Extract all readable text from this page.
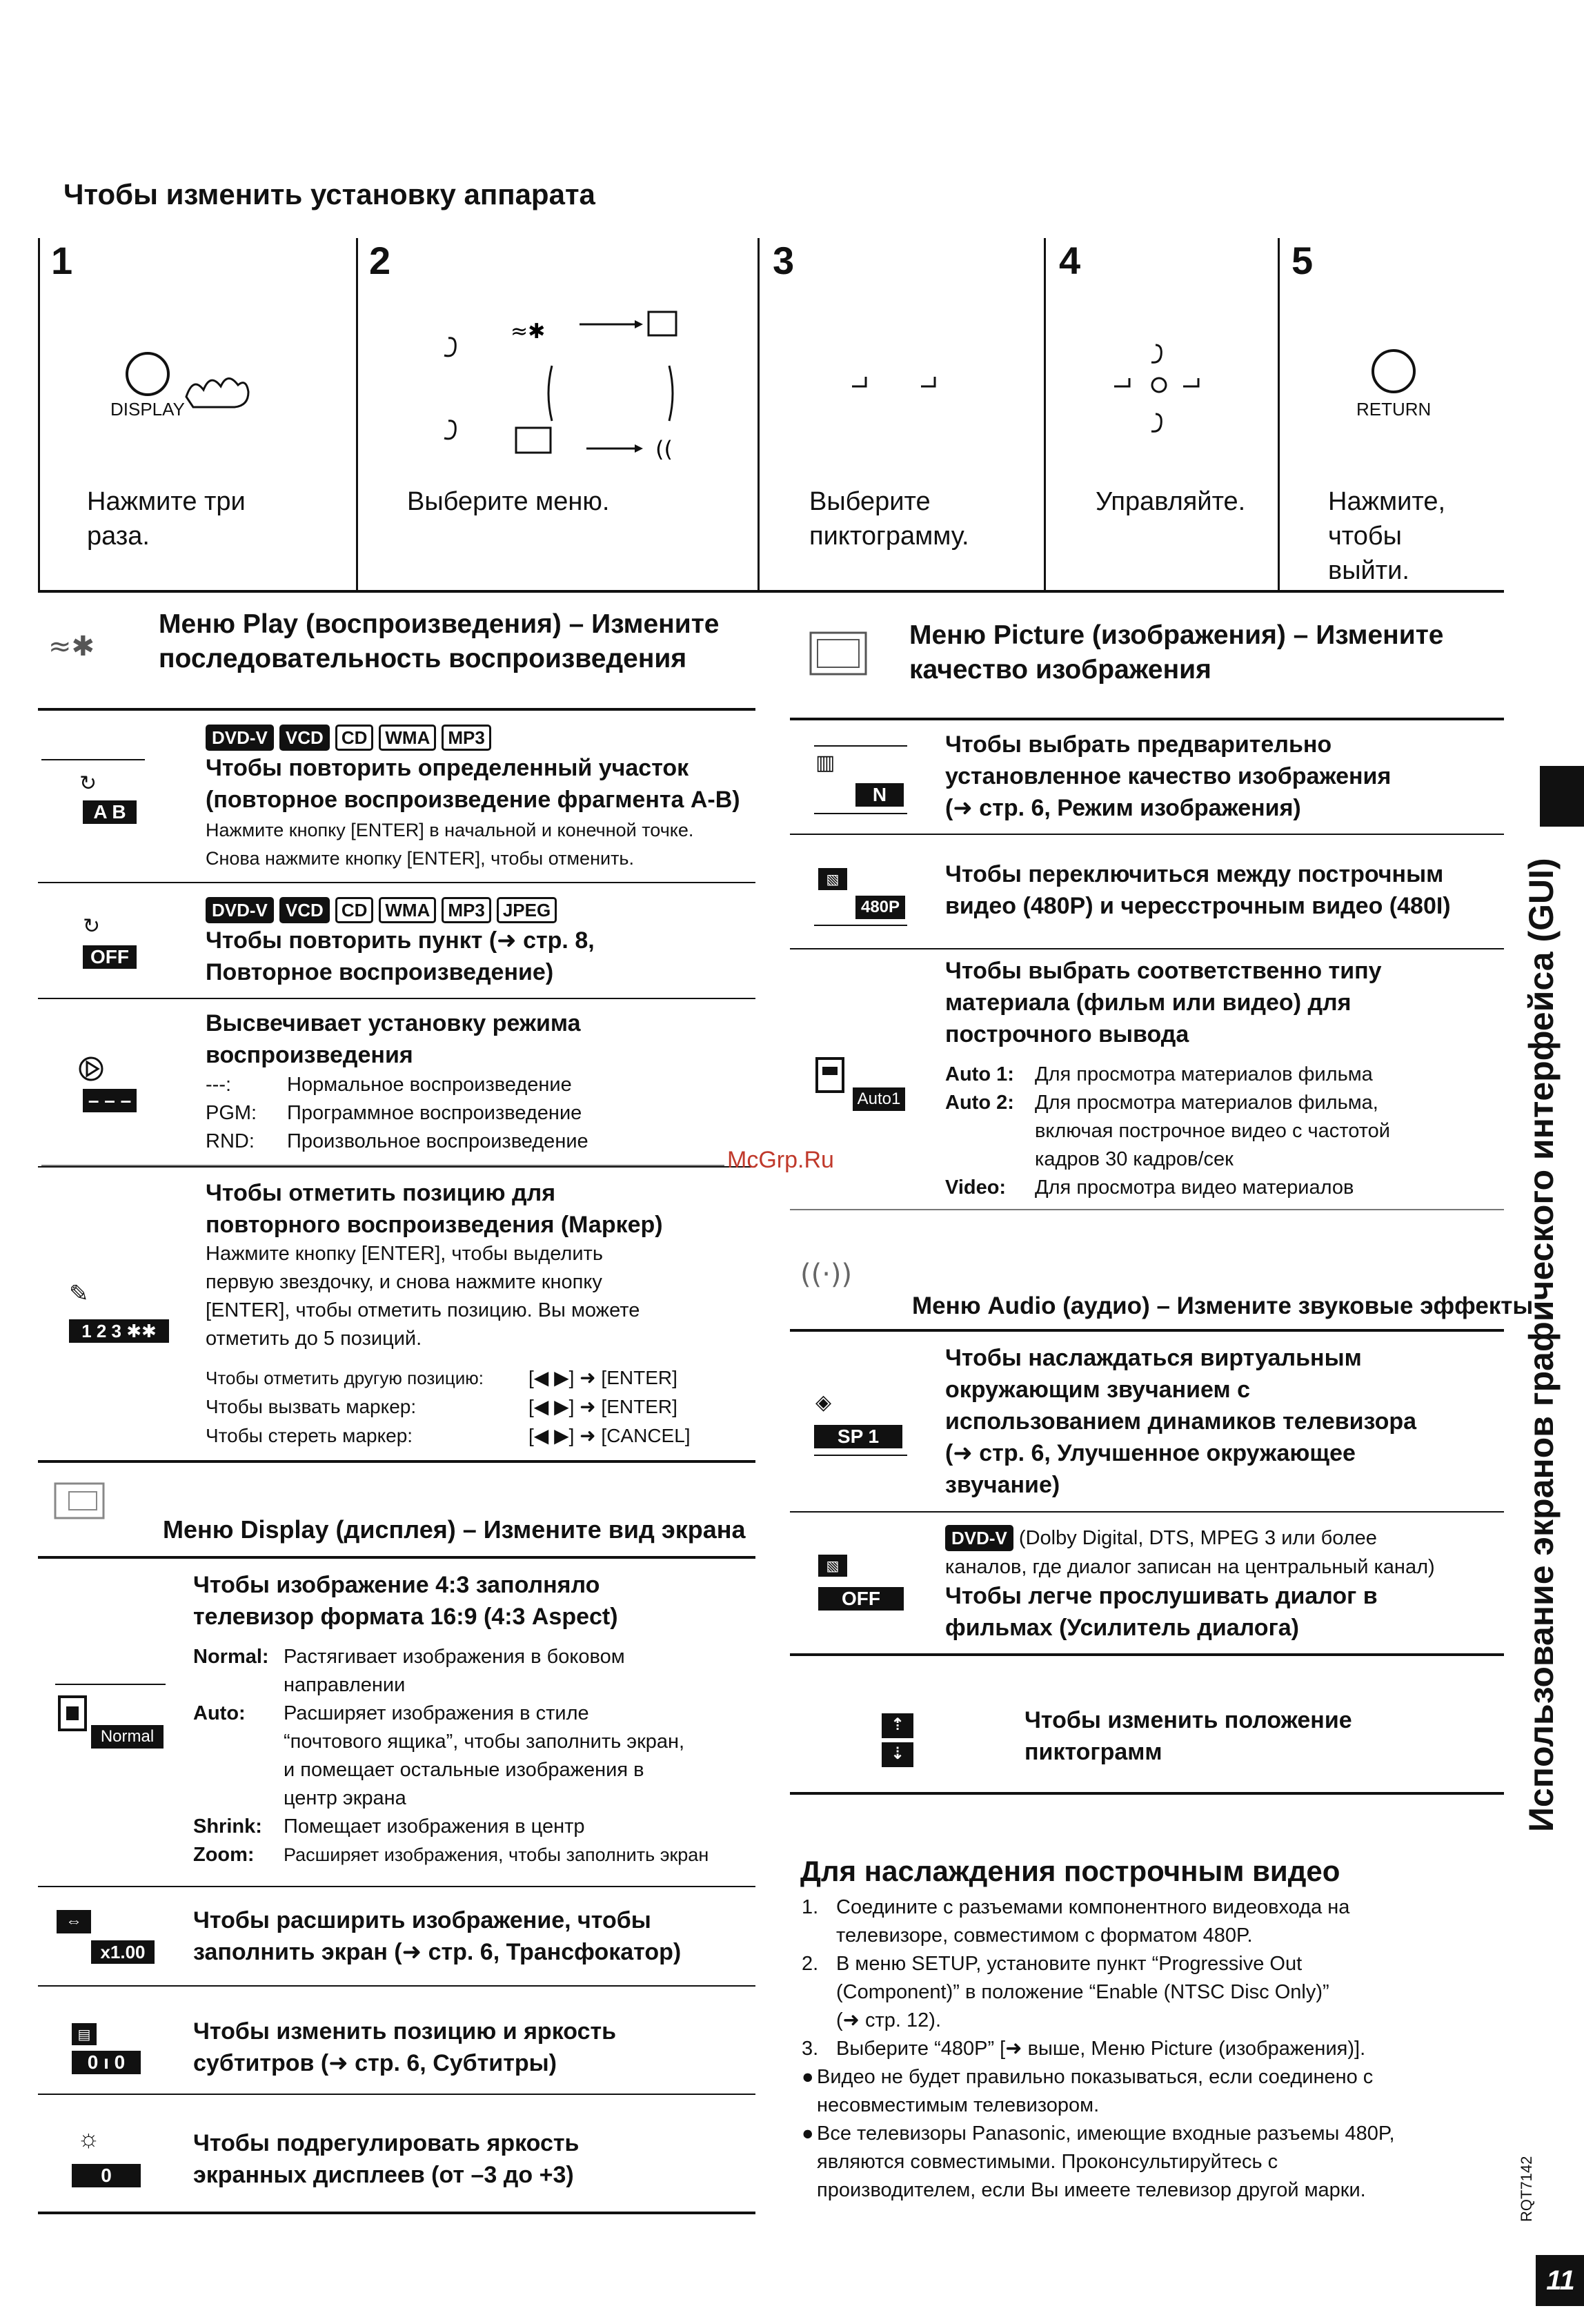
Чтобы изменить установку аппарата
1
DISPLAY
Нажмите три раза.
2
≈✱
((
Выберите меню.
3
Выберите пиктограмму.
4
Управляйте.
5
RETURN
Нажмите, чтобы выйти.
≈✱
Меню Play (воспроизведения) – Измените
последовательность воспроизведения
↻
A B
DVD-V VCD CD WMA MP3
Чтобы повторить определенный участок
(повторное воспроизведение фрагмента A-B)
Нажмите кнопку [ENTER] в начальной и конечной точке.
Снова нажмите кнопку [ENTER], чтобы отменить.
↻
OFF
DVD-V VCD CD WMA MP3 JPEG
Чтобы повторить пункт (➜ стр. 8,
Повторное воспроизведение)
– – –
Высвечивает установку режима
воспроизведения
---:	Нормальное воспроизведение
PGM:	Программное воспроизведение
RND:	Произвольное воспроизведение
✎
1 2 3 ✱✱
Чтобы отметить позицию для
повторного воспроизведения (Маркер)
Нажмите кнопку [ENTER], чтобы выделить
первую звездочку, и снова нажмите кнопку
[ENTER], чтобы отметить позицию. Вы можете
отметить до 5 позиций.
Чтобы отметить другую позицию:	[◀ ▶] ➜ [ENTER]
Чтобы вызвать маркер:	[◀ ▶] ➜ [ENTER]
Чтобы стереть маркер:	[◀ ▶] ➜ [CANCEL]
Меню Display (дисплея) – Измените вид экрана
Normal
Чтобы изображение 4:3 заполняло
телевизор формата 16:9 (4:3 Aspect)
Normal: Растягивает изображения в боковом
направлении
Auto:	Расширяет изображения в стиле
“почтового ящика”, чтобы заполнить экран,
и помещает остальные изображения в
центр экрана
Shrink:	Помещает изображения в центр
Zoom:	Расширяет изображения, чтобы заполнить экран
⇔
x1.00
Чтобы расширить изображение, чтобы
заполнить экран (➜ стр. 6, Трансфокатор)
▤
0 ı 0
Чтобы изменить позицию и яркость
субтитров (➜ стр. 6, Субтитры)
☼
0
Чтобы подрегулировать яркость
экранных дисплеев (от –3 до +3)
Меню Picture (изображения) – Измените
качество изображения
▥
N
Чтобы выбрать предварительно
установленное качество изображения
(➜ стр. 6, Режим изображения)
▧
480P
Чтобы переключиться между построчным
видео (480P) и чересстрочным видео (480I)
Auto1
Чтобы выбрать соответственно типу
материала (фильм или видео) для
построчного вывода
Auto 1:	Для просмотра материалов фильма
Auto 2:	Для просмотра материалов фильма,
включая построчное видео с частотой
кадров 30 кадров/сек
Video:	Для просмотра видео материалов
McGrp.Ru
((·))
Меню Audio (аудио) – Измените звуковые эффекты
◈
SP 1
Чтобы наслаждаться виртуальным
окружающим звучанием с
использованием динамиков телевизора
(➜ стр. 6, Улучшенное окружающее
звучание)
▧
OFF
DVD-V (Dolby Digital, DTS, MPEG 3 или более
каналов, где диалог записан на центральный канал)
Чтобы легче прослушивать диалог в
фильмах (Усилитель диалога)
⇡
⇣
Чтобы изменить положение
пиктограмм
Для наслаждения построчным видео
1. Соедините с разъемами компонентного видеовхода на
телевизоре, совместимом с форматом 480P.
2. В меню SETUP, установите пункт “Progressive Out
(Component)” в положение “Enable (NTSC Disc Only)”
(➜ стр. 12).
3. Выберите “480P” [➜ выше, Меню Picture (изображения)].
● Видео не будет правильно показываться, если соединено с
несовместимым телевизором.
● Все телевизоры Panasonic, имеющие входные разъемы 480P,
являются совместимыми. Проконсультируйтесь с
производителем, если Вы имеете телевизор другой марки.
Использование экранов графического интерфейса (GUI)
RQT7142
11
